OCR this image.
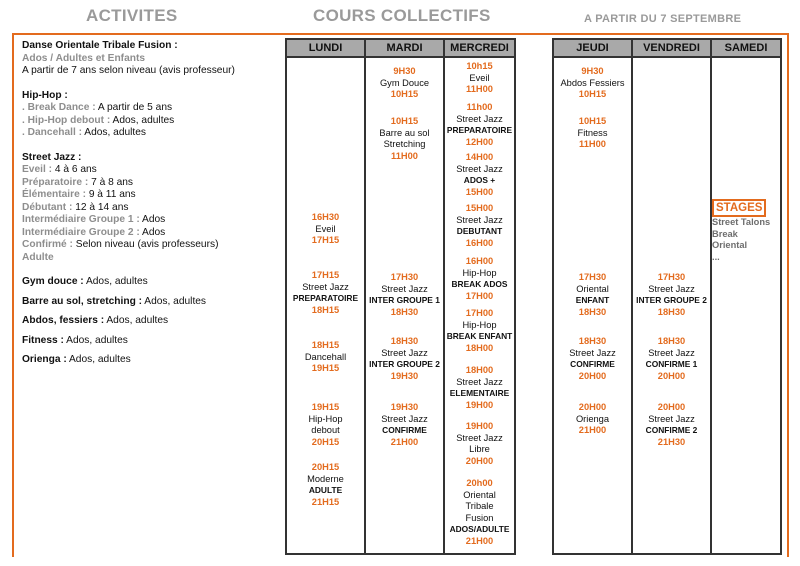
ACTIVITES	COURS COLLECTIFS	A PARTIR DU 7 SEPTEMBRE
Danse Orientale Tribale Fusion :
Ados / Adultes et Enfants
A partir de 7 ans selon niveau (avis professeur)
Hip-Hop :
. Break Dance : A partir de 5 ans
. Hip-Hop debout : Ados, adultes
. Dancehall : Ados, adultes
Street Jazz :
Eveil : 4 à 6 ans
Préparatoire : 7 à 8 ans
Élémentaire : 9 à 11 ans
Débutant : 12 à 14 ans
Intermédiaire Groupe 1 : Ados
Intermédiaire Groupe 2 : Ados
Confirmé : Selon niveau (avis professeurs)
Adulte
Gym douce : Ados, adultes
Barre au sol, stretching : Ados, adultes
Abdos, fessiers : Ados, adultes
Fitness : Ados, adultes
Orienga : Ados, adultes
LUNDI
16H30
Eveil
17H15
17H15
Street Jazz
PREPARATOIRE
18H15
18H15
Dancehall
19H15
19H15
Hip-Hop
debout
20H15
20H15
Moderne
ADULTE
21H15
MARDI
9H30
Gym Douce
10H15
10H15
Barre au sol
Stretching
11H00
17H30
Street Jazz
INTER GROUPE 1
18H30
18H30
Street Jazz
INTER GROUPE 2
19H30
19H30
Street Jazz
CONFIRME
21H00
MERCREDI
10h15
Eveil
11H00
11h00
Street Jazz
PREPARATOIRE
12H00
14H00
Street Jazz
ADOS +
15H00
15H00
Street Jazz
DEBUTANT
16H00
16H00
Hip-Hop
BREAK ADOS
17H00
17H00
Hip-Hop
BREAK ENFANT
18H00
18H00
Street Jazz
ELEMENTAIRE
19H00
19H00
Street Jazz
Libre
20H00
20h00
Oriental
Tribale
Fusion
ADOS/ADULTE
21H00
JEUDI
9H30
Abdos Fessiers
10H15
10H15
Fitness
11H00
17H30
Oriental
ENFANT
18H30
18H30
Street Jazz
CONFIRME
20H00
20H00
Orienga
21H00
VENDREDI
17H30
Street Jazz
INTER GROUPE 2
18H30
18H30
Street Jazz
CONFIRME 1
20H00
20H00
Street Jazz
CONFIRME 2
21H30
SAMEDI
STAGES
Street Talons
Break
Oriental
...
